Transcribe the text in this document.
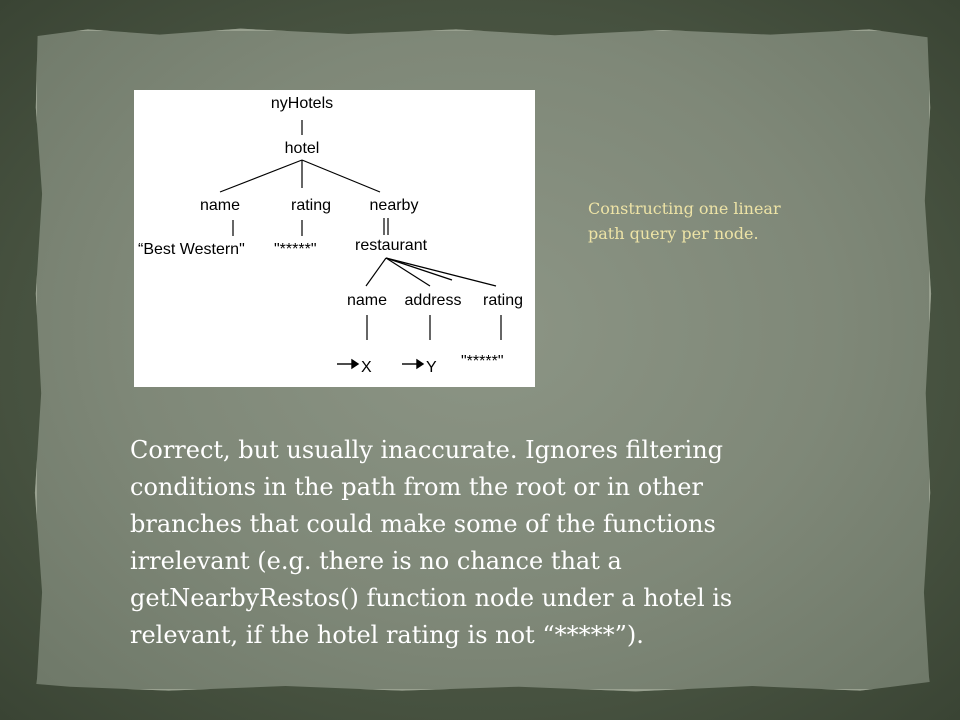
nyHotels
hotel
name	rating nearby
“Best Western" "*****" restaurant
name address rating
X	Y "*****"
Constructing one linear
path query per node.
Correct, but usually inaccurate. Ignores filtering
conditions in the path from the root or in other
branches that could make some of the functions
irrelevant (e.g. there is no chance that a
getNearbyRestos() function node under a hotel is
relevant, if the hotel rating is not “*****”).
